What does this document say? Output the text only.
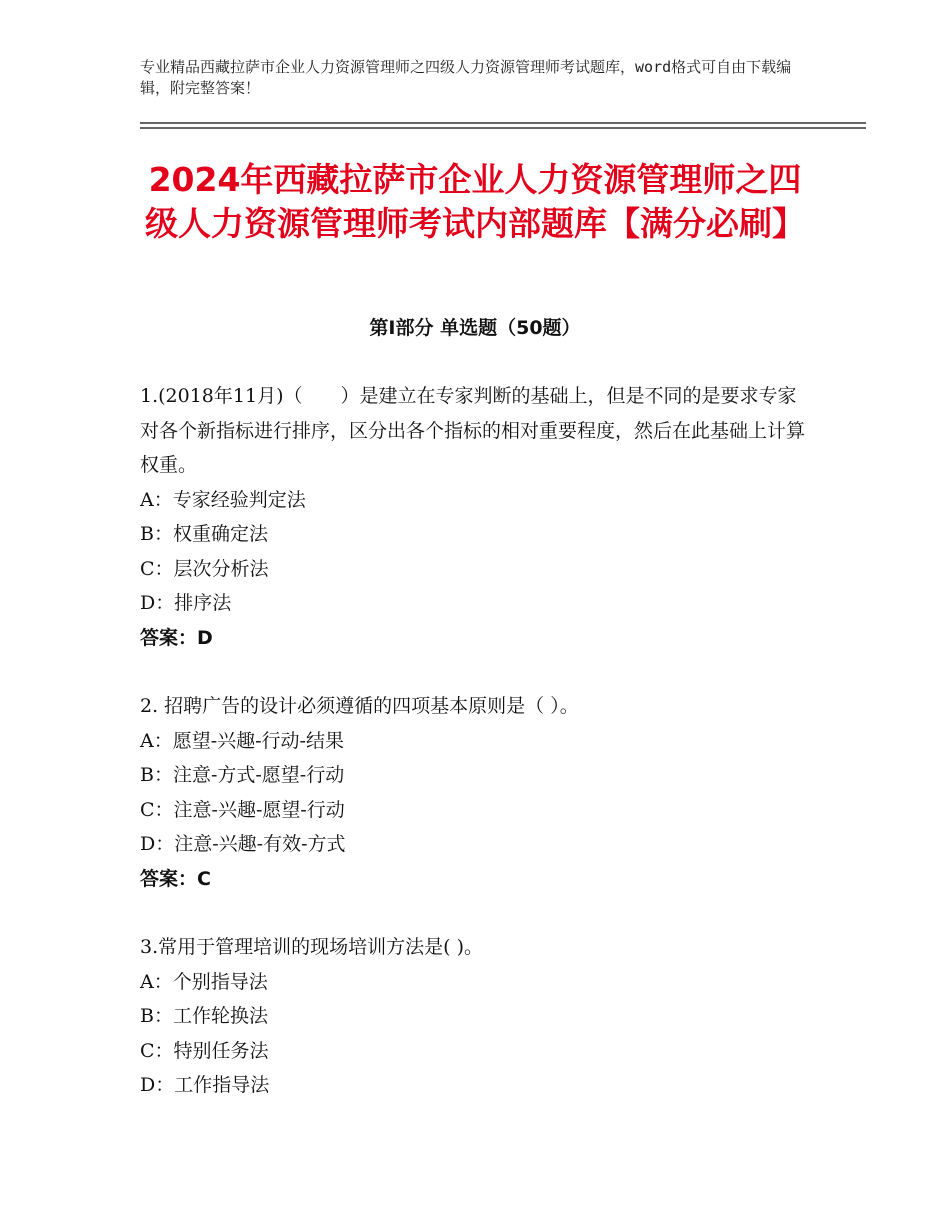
专业精品西藏拉萨市企业人力资源管理师之四级人力资源管理师考试题库，word格式可自由下载编辑，附完整答案！
2024年西藏拉萨市企业人力资源管理师之四级人力资源管理师考试内部题库【满分必刷】
第Ⅰ部分 单选题（50题）
1.(2018年11月)（　　）是建立在专家判断的基础上，但是不同的是要求专家对各个新指标进行排序，区分出各个指标的相对重要程度，然后在此基础上计算权重。
A：专家经验判定法
B：权重确定法
C：层次分析法
D：排序法
答案：D
2. 招聘广告的设计必须遵循的四项基本原则是（ ）。
A：愿望-兴趣-行动-结果
B：注意-方式-愿望-行动
C：注意-兴趣-愿望-行动
D：注意-兴趣-有效-方式
答案：C
3.常用于管理培训的现场培训方法是( )。
A：个别指导法
B：工作轮换法
C：特别任务法
D：工作指导法
